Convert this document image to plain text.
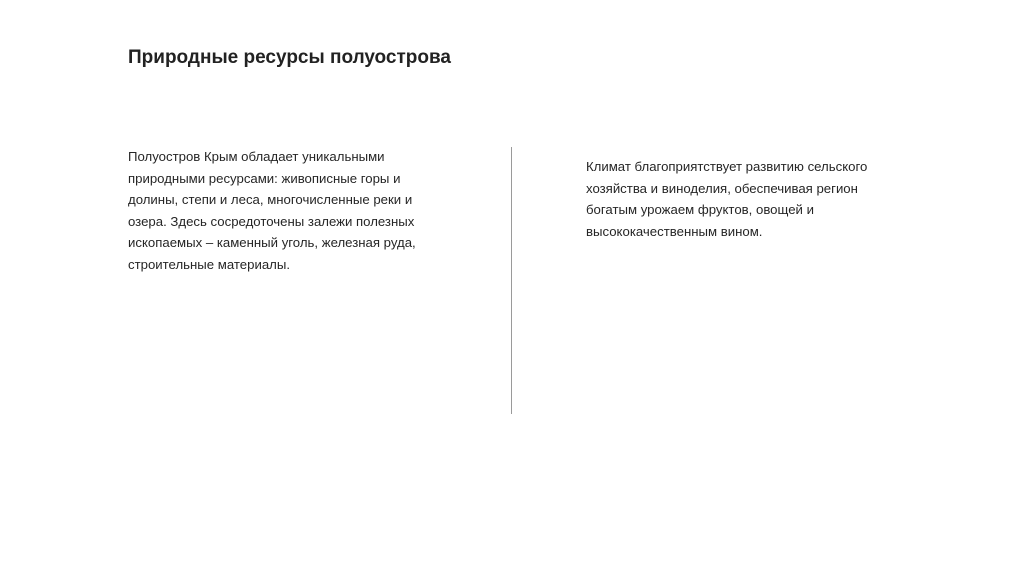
Природные ресурсы полуострова

Полуостров Крым обладает уникальными
природными ресурсами: живописные горы и
долины, степи и леса, многочисленные реки и
озера. Здесь сосредоточены залежи полезных
ископаемых – каменный уголь, железная руда,
строительные материалы.

Климат благоприятствует развитию сельского
хозяйства и виноделия, обеспечивая регион
богатым урожаем фруктов, овощей и
высококачественным вином.
